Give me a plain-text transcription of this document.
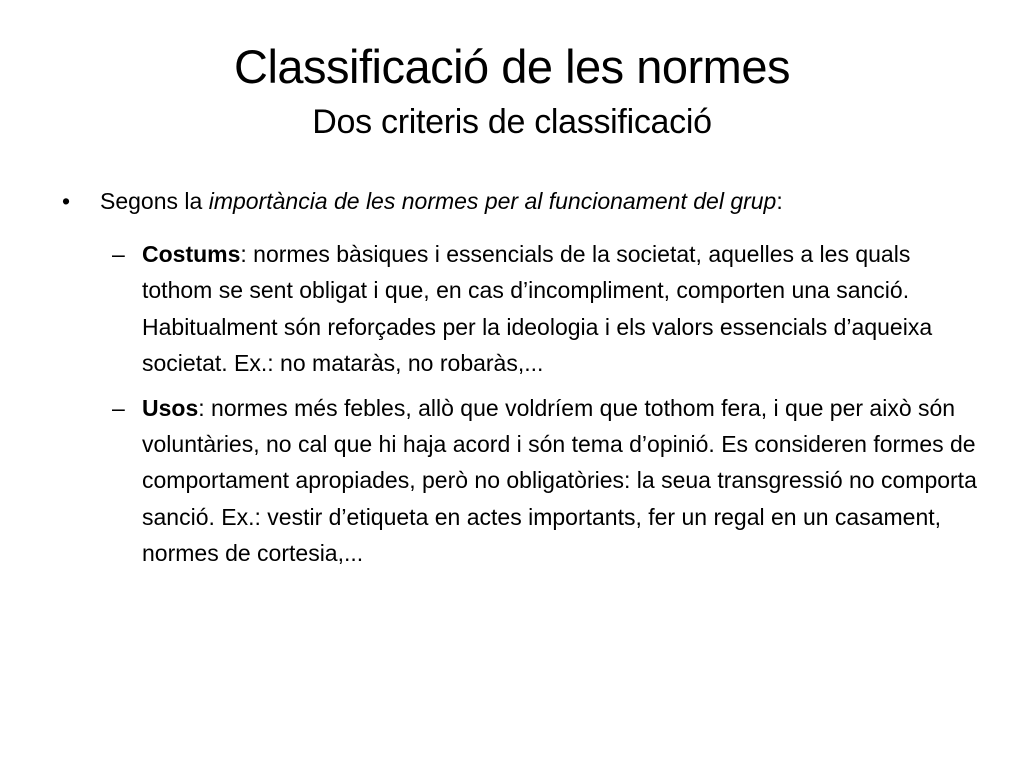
Classificació de les normes
Dos criteris de classificació
• Segons la importància de les normes per al funcionament del grup:
– Costums: normes bàsiques i essencials de la societat, aquelles a les quals tothom se sent obligat i que, en cas d’incompliment, comporten una sanció. Habitualment són reforçades per la ideologia i els valors essencials d’aqueixa societat. Ex.: no mataràs, no robaràs,...
– Usos: normes més febles, allò que voldríem que tothom fera, i que per això són voluntàries, no cal que hi haja acord i són tema d’opinió. Es consideren formes de comportament apropiades, però no obligatòries: la seua transgressió no comporta sanció. Ex.: vestir d’etiqueta en actes importants, fer un regal en un casament, normes de cortesia,...
